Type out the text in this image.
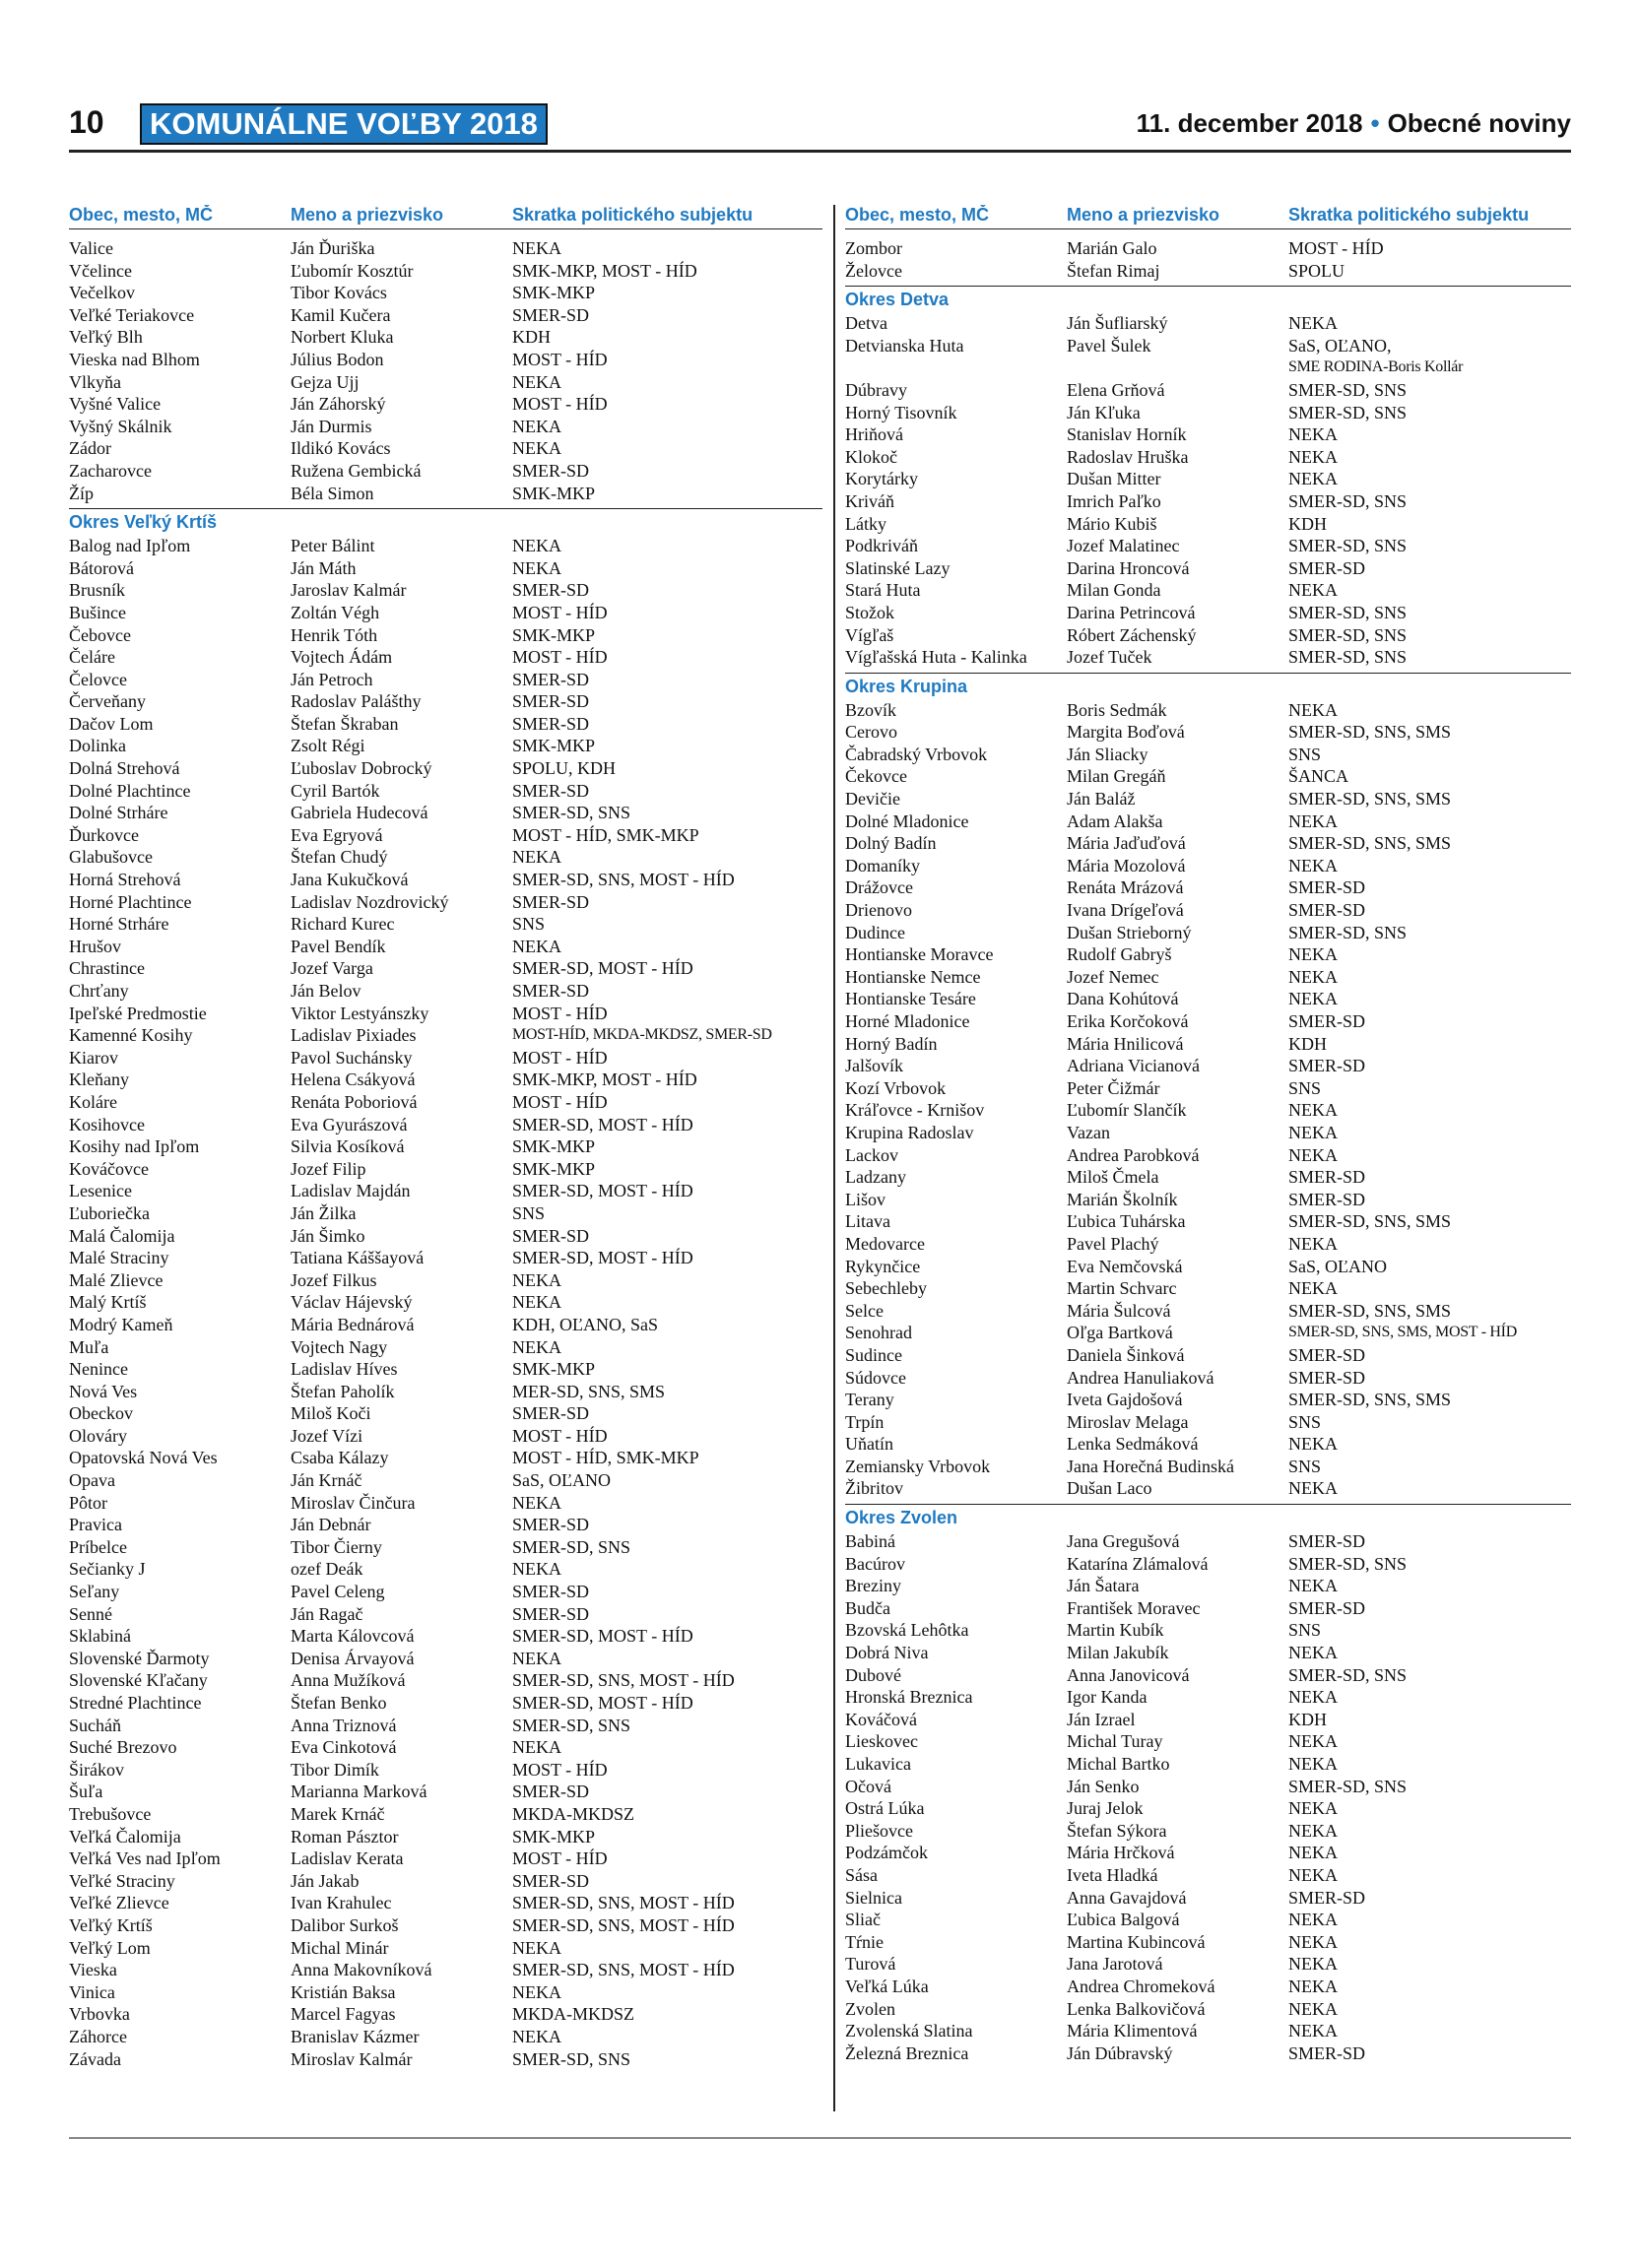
10	KOMUNÁLNE VOĽBY 2018	11. december 2018 • Obecné noviny
Obec, mesto, MČ	Meno a priezvisko	Skratka politického subjektu
Valice	Ján Ďuriška	NEKA
Včelince	Ľubomír Kosztúr	SMK-MKP, MOST - HÍD
Večelkov	Tibor Kovács	SMK-MKP
Veľké Teriakovce	Kamil Kučera	SMER-SD
Veľký Blh	Norbert Kluka	KDH
Vieska nad Blhom	Július Bodon	MOST - HÍD
Vlkyňa	Gejza Ujj	NEKA
Vyšné Valice	Ján Záhorský	MOST - HÍD
Vyšný Skálnik	Ján Durmis	NEKA
Zádor	Ildikó Kovács	NEKA
Zacharovce	Ružena Gembická	SMER-SD
Žíp	Béla Simon	SMK-MKP
Okres Veľký Krtíš
Balog nad Ipľom	Peter Bálint	NEKA
Bátorová	Ján Máth	NEKA
Brusník	Jaroslav Kalmár	SMER-SD
Bušince	Zoltán Végh	MOST - HÍD
Čebovce	Henrik Tóth	SMK-MKP
Čeláre	Vojtech Ádám	MOST - HÍD
Čelovce	Ján Petroch	SMER-SD
Červeňany	Radoslav Palášthy	SMER-SD
Dačov Lom	Štefan Škraban	SMER-SD
Dolinka	Zsolt Régi	SMK-MKP
Dolná Strehová	Ľuboslav Dobrocký	SPOLU, KDH
Dolné Plachtince	Cyril Bartók	SMER-SD
Dolné Strháre	Gabriela Hudecová	SMER-SD, SNS
Ďurkovce	Eva Egryová	MOST - HÍD, SMK-MKP
Glabušovce	Štefan Chudý	NEKA
Horná Strehová	Jana Kukučková	SMER-SD, SNS, MOST - HÍD
Horné Plachtince	Ladislav Nozdrovický	SMER-SD
Horné Strháre	Richard Kurec	SNS
Hrušov	Pavel Bendík	NEKA
Chrastince	Jozef Varga	SMER-SD, MOST - HÍD
Chrťany	Ján Belov	SMER-SD
Ipeľské Predmostie	Viktor Lestyánszky	MOST - HÍD
Kamenné Kosihy	Ladislav Pixiades	MOST-HÍD, MKDA-MKDSZ, SMER-SD
Kiarov	Pavol Suchánsky	MOST - HÍD
Kleňany	Helena Csákyová	SMK-MKP, MOST - HÍD
Koláre	Renáta Poboriová	MOST - HÍD
Kosihovce	Eva Gyurászová	SMER-SD, MOST - HÍD
Kosihy nad Ipľom	Silvia Kosíková	SMK-MKP
Kováčovce	Jozef Filip	SMK-MKP
Lesenice	Ladislav Majdán	SMER-SD, MOST - HÍD
Ľuboriečka	Ján Žilka	SNS
Malá Čalomija	Ján Šimko	SMER-SD
Malé Straciny	Tatiana Káššayová	SMER-SD, MOST - HÍD
Malé Zlievce	Jozef Filkus	NEKA
Malý Krtíš	Václav Hájevský	NEKA
Modrý Kameň	Mária Bednárová	KDH, OĽANO, SaS
Muľa	Vojtech Nagy	NEKA
Nenince	Ladislav Híves	SMK-MKP
Nová Ves	Štefan Paholík	MER-SD, SNS, SMS
Obeckov	Miloš Koči	SMER-SD
Olováry	Jozef Vízi	MOST - HÍD
Opatovská Nová Ves	Csaba Kálazy	MOST - HÍD, SMK-MKP
Opava	Ján Krnáč	SaS, OĽANO
Pôtor	Miroslav Činčura	NEKA
Pravica	Ján Debnár	SMER-SD
Príbelce	Tibor Čierny	SMER-SD, SNS
Sečianky J	ozef Deák	NEKA
Seľany	Pavel Celeng	SMER-SD
Senné	Ján Ragač	SMER-SD
Sklabiná	Marta Kálovcová	SMER-SD, MOST - HÍD
Slovenské Ďarmoty	Denisa Árvayová	NEKA
Slovenské Kľačany	Anna Mužíková	SMER-SD, SNS, MOST - HÍD
Stredné Plachtince	Štefan Benko	SMER-SD, MOST - HÍD
Sucháň	Anna Triznová	SMER-SD, SNS
Suché Brezovo	Eva Cinkotová	NEKA
Širákov	Tibor Dimík	MOST - HÍD
Šuľa	Marianna Marková	SMER-SD
Trebušovce	Marek Krnáč	MKDA-MKDSZ
Veľká Čalomija	Roman Pásztor	SMK-MKP
Veľká Ves nad Ipľom	Ladislav Kerata	MOST - HÍD
Veľké Straciny	Ján Jakab	SMER-SD
Veľké Zlievce	Ivan Krahulec	SMER-SD, SNS, MOST - HÍD
Veľký Krtíš	Dalibor Surkoš	SMER-SD, SNS, MOST - HÍD
Veľký Lom	Michal Minár	NEKA
Vieska	Anna Makovníková	SMER-SD, SNS, MOST - HÍD
Vinica	Kristián Baksa	NEKA
Vrbovka	Marcel Fagyas	MKDA-MKDSZ
Záhorce	Branislav Kázmer	NEKA
Závada	Miroslav Kalmár	SMER-SD, SNS
Obec, mesto, MČ	Meno a priezvisko	Skratka politického subjektu
Zombor	Marián Galo	MOST - HÍD
Želovce	Štefan Rimaj	SPOLU
Okres Detva
Detva	Ján Šufliarský	NEKA
Detvianska Huta	Pavel Šulek	SaS, OĽANO,
SME RODINA-Boris Kollár
Dúbravy	Elena Grňová	SMER-SD, SNS
Horný Tisovník	Ján Kľuka	SMER-SD, SNS
Hriňová	Stanislav Horník	NEKA
Klokoč	Radoslav Hruška	NEKA
Korytárky	Dušan Mitter	NEKA
Kriváň	Imrich Paľko	SMER-SD, SNS
Látky	Mário Kubiš	KDH
Podkriváň	Jozef Malatinec	SMER-SD, SNS
Slatinské Lazy	Darina Hroncová	SMER-SD
Stará Huta	Milan Gonda	NEKA
Stožok	Darina Petrincová	SMER-SD, SNS
Vígľaš	Róbert Záchenský	SMER-SD, SNS
Vígľašská Huta - Kalinka	Jozef Tuček	SMER-SD, SNS
Okres Krupina
Bzovík	Boris Sedmák	NEKA
Cerovo	Margita Boďová	SMER-SD, SNS, SMS
Čabradský Vrbovok	Ján Sliacky	SNS
Čekovce	Milan Gregáň	ŠANCA
Devičie	Ján Baláž	SMER-SD, SNS, SMS
Dolné Mladonice	Adam Alakša	NEKA
Dolný Badín	Mária Jaďuďová	SMER-SD, SNS, SMS
Domaníky	Mária Mozolová	NEKA
Drážovce	Renáta Mrázová	SMER-SD
Drienovo	Ivana Drígeľová	SMER-SD
Dudince	Dušan Strieborný	SMER-SD, SNS
Hontianske Moravce	Rudolf Gabryš	NEKA
Hontianske Nemce	Jozef Nemec	NEKA
Hontianske Tesáre	Dana Kohútová	NEKA
Horné Mladonice	Erika Korčoková	SMER-SD
Horný Badín	Mária Hnilicová	KDH
Jalšovík	Adriana Vicianová	SMER-SD
Kozí Vrbovok	Peter Čižmár	SNS
Kráľovce - Krnišov	Ľubomír Slančík	NEKA
Krupina Radoslav	Vazan	NEKA
Lackov	Andrea Parobková	NEKA
Ladzany	Miloš Čmela	SMER-SD
Lišov	Marián Školník	SMER-SD
Litava	Ľubica Tuhárska	SMER-SD, SNS, SMS
Medovarce	Pavel Plachý	NEKA
Rykynčice	Eva Nemčovská	SaS, OĽANO
Sebechleby	Martin Schvarc	NEKA
Selce	Mária Šulcová	SMER-SD, SNS, SMS
Senohrad	Oľga Bartková	SMER-SD, SNS, SMS, MOST - HÍD
Sudince	Daniela Šinková	SMER-SD
Súdovce	Andrea Hanuliaková	SMER-SD
Terany	Iveta Gajdošová	SMER-SD, SNS, SMS
Trpín	Miroslav Melaga	SNS
Uňatín	Lenka Sedmáková	NEKA
Zemiansky Vrbovok	Jana Horečná Budinská	SNS
Žibritov	Dušan Laco	NEKA
Okres Zvolen
Babiná	Jana Gregušová	SMER-SD
Bacúrov	Katarína Zlámalová	SMER-SD, SNS
Breziny	Ján Šatara	NEKA
Budča	František Moravec	SMER-SD
Bzovská Lehôtka	Martin Kubík	SNS
Dobrá Niva	Milan Jakubík	NEKA
Dubové	Anna Janovicová	SMER-SD, SNS
Hronská Breznica	Igor Kanda	NEKA
Kováčová	Ján Izrael	KDH
Lieskovec	Michal Turay	NEKA
Lukavica	Michal Bartko	NEKA
Očová	Ján Senko	SMER-SD, SNS
Ostrá Lúka	Juraj Jelok	NEKA
Pliešovce	Štefan Sýkora	NEKA
Podzámčok	Mária Hrčková	NEKA
Sása	Iveta Hladká	NEKA
Sielnica	Anna Gavajdová	SMER-SD
Sliač	Ľubica Balgová	NEKA
Tŕnie	Martina Kubincová	NEKA
Turová	Jana Jarotová	NEKA
Veľká Lúka	Andrea Chromeková	NEKA
Zvolen	Lenka Balkovičová	NEKA
Zvolenská Slatina	Mária Klimentová	NEKA
Železná Breznica	Ján Dúbravský	SMER-SD
